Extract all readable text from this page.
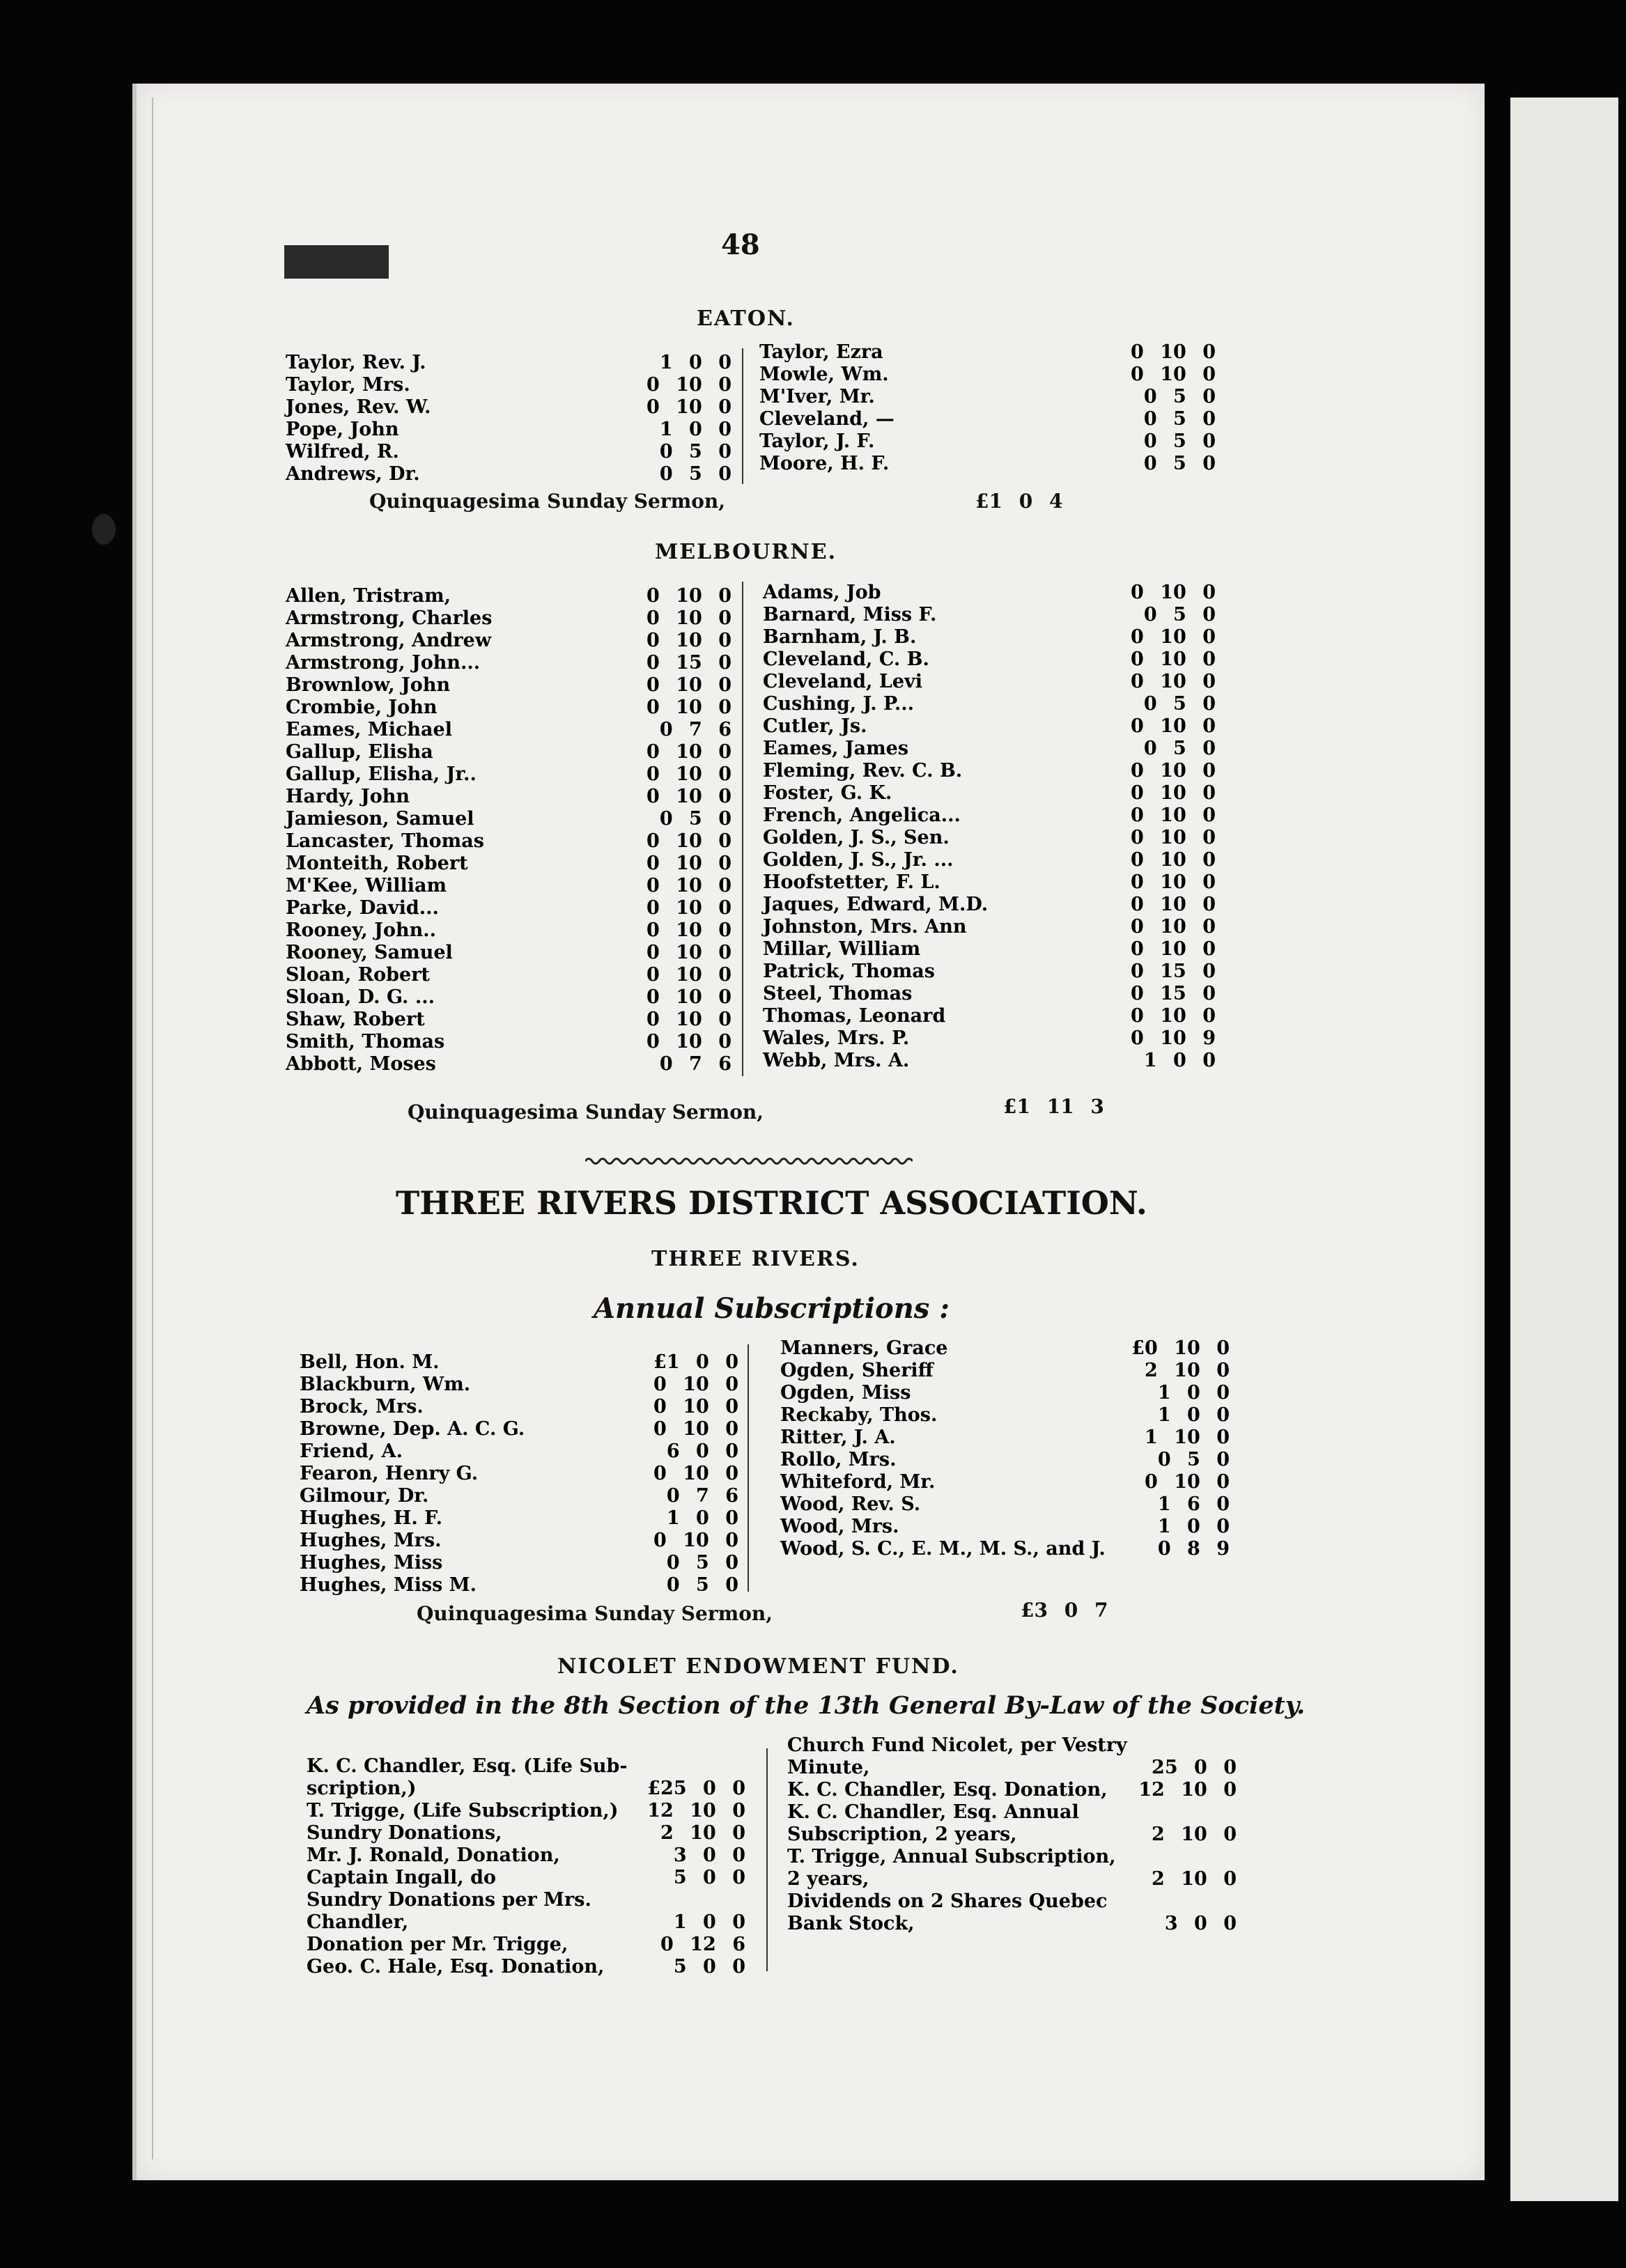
48
EATON.
Taylor, Rev. J.	1 0 0
Taylor, Mrs.	0 10 0
Jones, Rev. W.	0 10 0
Pope, John	1 0 0
Wilfred, R.	0 5 0
Andrews, Dr.	0 5 0
Taylor, Ezra	0 10 0
Mowle, Wm.	0 10 0
M'Iver, Mr.	0 5 0
Cleveland, —	0 5 0
Taylor, J. F.	0 5 0
Moore, H. F.	0 5 0
Quinquagesima Sunday Sermon,	£1 0 4
MELBOURNE.
Allen, Tristram,	0 10 0
Armstrong, Charles	0 10 0
Armstrong, Andrew	0 10 0
Armstrong, John...	0 15 0
Brownlow, John	0 10 0
Crombie, John	0 10 0
Eames, Michael	0 7 6
Gallup, Elisha	0 10 0
Gallup, Elisha, Jr..	0 10 0
Hardy, John	0 10 0
Jamieson, Samuel	0 5 0
Lancaster, Thomas	0 10 0
Monteith, Robert	0 10 0
M'Kee, William	0 10 0
Parke, David...	0 10 0
Rooney, John..	0 10 0
Rooney, Samuel	0 10 0
Sloan, Robert	0 10 0
Sloan, D. G. ...	0 10 0
Shaw, Robert	0 10 0
Smith, Thomas	0 10 0
Abbott, Moses	0 7 6
Adams, Job	0 10 0
Barnard, Miss F.	0 5 0
Barnham, J. B.	0 10 0
Cleveland, C. B.	0 10 0
Cleveland, Levi	0 10 0
Cushing, J. P...	0 5 0
Cutler, Js.	0 10 0
Eames, James	0 5 0
Fleming, Rev. C. B.	0 10 0
Foster, G. K.	0 10 0
French, Angelica...	0 10 0
Golden, J. S., Sen.	0 10 0
Golden, J. S., Jr. ...	0 10 0
Hoofstetter, F. L.	0 10 0
Jaques, Edward, M.D.	0 10 0
Johnston, Mrs. Ann	0 10 0
Millar, William	0 10 0
Patrick, Thomas	0 15 0
Steel, Thomas	0 15 0
Thomas, Leonard	0 10 0
Wales, Mrs. P.	0 10 9
Webb, Mrs. A.	1 0 0
Quinquagesima Sunday Sermon,	£1 11 3
THREE RIVERS DISTRICT ASSOCIATION.
THREE RIVERS.
Annual Subscriptions :
Bell, Hon. M.	£1 0 0
Blackburn, Wm.	0 10 0
Brock, Mrs.	0 10 0
Browne, Dep. A. C. G.	0 10 0
Friend, A.	6 0 0
Fearon, Henry G.	0 10 0
Gilmour, Dr.	0 7 6
Hughes, H. F.	1 0 0
Hughes, Mrs.	0 10 0
Hughes, Miss	0 5 0
Hughes, Miss M.	0 5 0
Manners, Grace	£0 10 0
Ogden, Sheriff	2 10 0
Ogden, Miss	1 0 0
Reckaby, Thos.	1 0 0
Ritter, J. A.	1 10 0
Rollo, Mrs.	0 5 0
Whiteford, Mr.	0 10 0
Wood, Rev. S.	1 6 0
Wood, Mrs.	1 0 0
Wood, S. C., E. M., M. S., and J.	0 8 9
Quinquagesima Sunday Sermon,	£3 0 7
NICOLET ENDOWMENT FUND.
As provided in the 8th Section of the 13th General By-Law of the Society.
K. C. Chandler, Esq. (Life Sub-
scription,)	£25 0 0
T. Trigge, (Life Subscription,)	12 10 0
Sundry Donations,	2 10 0
Mr. J. Ronald, Donation,	3 0 0
Captain Ingall, do	5 0 0
Sundry Donations per Mrs.
Chandler,	1 0 0
Donation per Mr. Trigge,	0 12 6
Geo. C. Hale, Esq. Donation,	5 0 0
Church Fund Nicolet, per Vestry
Minute,	25 0 0
K. C. Chandler, Esq. Donation,	12 10 0
K. C. Chandler, Esq. Annual
Subscription, 2 years,	2 10 0
T. Trigge, Annual Subscription,
2 years,	2 10 0
Dividends on 2 Shares Quebec
Bank Stock,	3 0 0
